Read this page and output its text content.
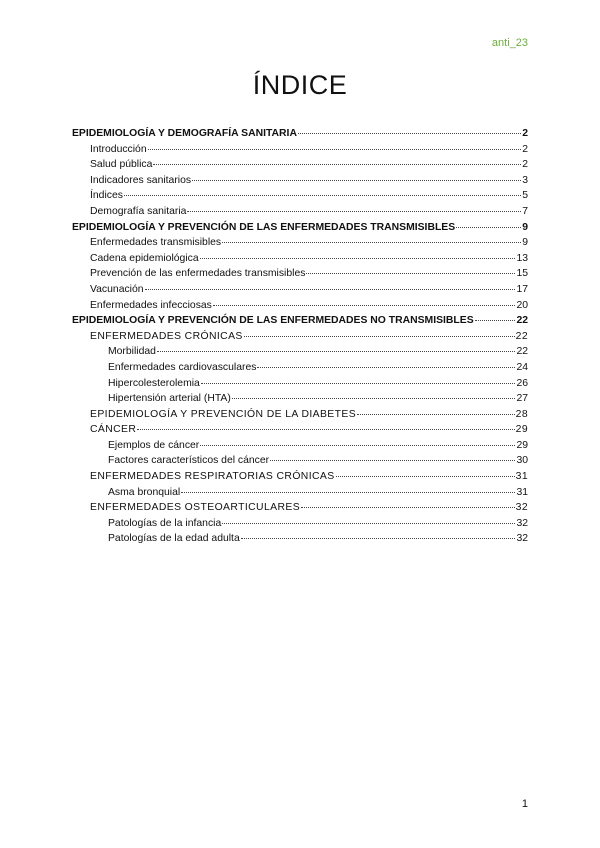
anti_23
ÍNDICE
EPIDEMIOLOGÍA Y DEMOGRAFÍA SANITARIA	2
Introducción	2
Salud pública	2
Indicadores sanitarios	3
Índices	5
Demografía sanitaria	7
EPIDEMIOLOGÍA Y PREVENCIÓN DE LAS ENFERMEDADES TRANSMISIBLES	9
Enfermedades transmisibles	9
Cadena epidemiológica	13
Prevención de las enfermedades transmisibles	15
Vacunación	17
Enfermedades infecciosas	20
EPIDEMIOLOGÍA Y PREVENCIÓN DE LAS ENFERMEDADES NO TRANSMISIBLES	22
ENFERMEDADES CRÓNICAS	22
Morbilidad	22
Enfermedades cardiovasculares	24
Hipercolesterolemia	26
Hipertensión arterial (HTA)	27
EPIDEMIOLOGÍA Y PREVENCIÓN DE LA DIABETES	28
CÁNCER	29
Ejemplos de cáncer	29
Factores característicos del cáncer	30
ENFERMEDADES RESPIRATORIAS CRÓNICAS	31
Asma bronquial	31
ENFERMEDADES OSTEOARTICULARES	32
Patologías de la infancia	32
Patologías de la edad adulta	32
1
